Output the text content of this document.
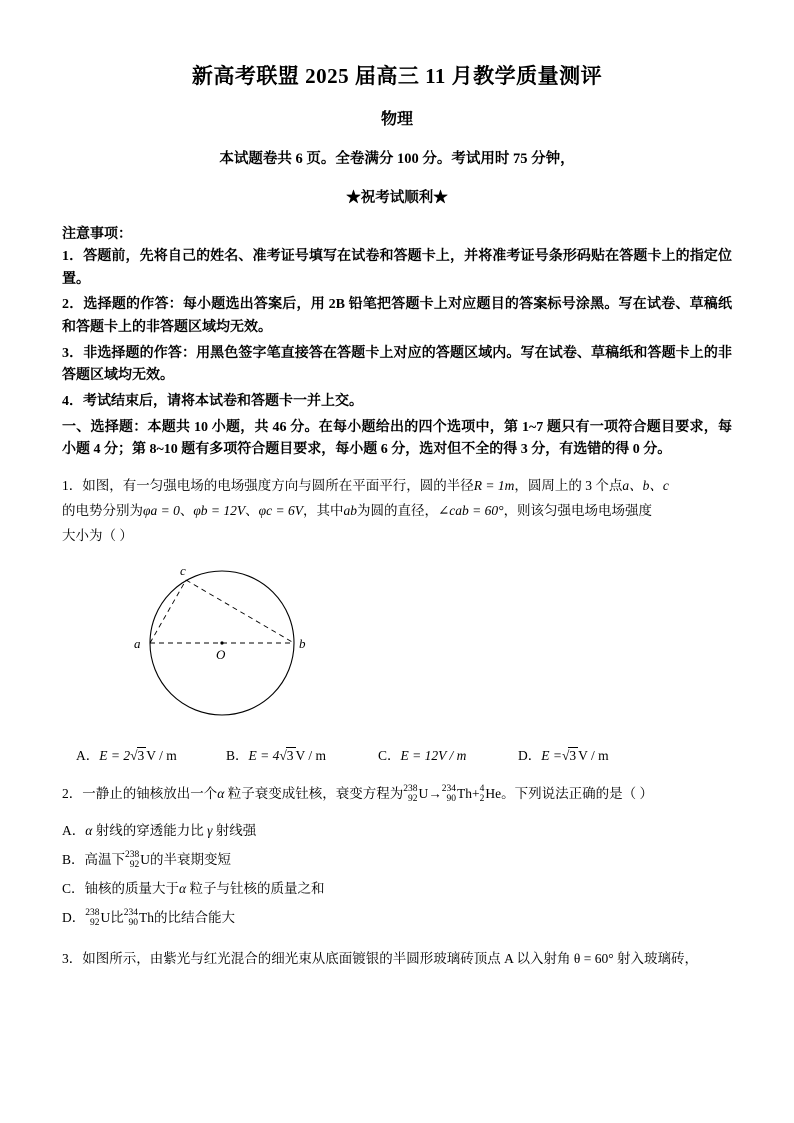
新高考联盟 2025 届高三 11 月教学质量测评
物理
本试题卷共 6 页。全卷满分 100 分。考试用时 75 分钟，
★祝考试顺利★
注意事项：
1．答题前，先将自己的姓名、准考证号填写在试卷和答题卡上，并将准考证号条形码贴在答题卡上的指定位置。
2．选择题的作答：每小题选出答案后，用 2B 铅笔把答题卡上对应题目的答案标号涂黑。写在试卷、草稿纸和答题卡上的非答题区域均无效。
3．非选择题的作答：用黑色签字笔直接答在答题卡上对应的答题区域内。写在试卷、草稿纸和答题卡上的非答题区域均无效。
4．考试结束后，请将本试卷和答题卡一并上交。
一、选择题：本题共 10 小题，共 46 分。在每小题给出的四个选项中，第 1~7 题只有一项符合题目要求，每小题 4 分；第 8~10 题有多项符合题目要求，每小题 6 分，选对但不全的得 3 分，有选错的得 0 分。
1．如图，有一匀强电场的电场强度方向与圆所在平面平行，圆的半径R = 1m，圆周上的 3 个点a、b、c
的电势分别为φa = 0、φb = 12V、φc = 6V，其中ab为圆的直径，∠cab = 60°，则该匀强电场电场强度
大小为（ ）
c
a	b
O
A．E = 2√3 V / m	B．E = 4√3 V / m	C．E = 12V / m	D．E =√3 V / m
2．一静止的铀核放出一个α 粒子衰变成钍核，衰变方程为 238
92 U→ 234
90 Th+ 4
2 He。下列说法正确的是（ ）
A．α 射线的穿透能力比 γ 射线强
B．高温下 238
92 U的半衰期变短
C．铀核的质量大于α 粒子与钍核的质量之和
D． 238
92 U比 234
90 Th的比结合能大
3．如图所示，由紫光与红光混合的细光束从底面镀银的半圆形玻璃砖顶点 A 以入射角 θ = 60° 射入玻璃砖，
